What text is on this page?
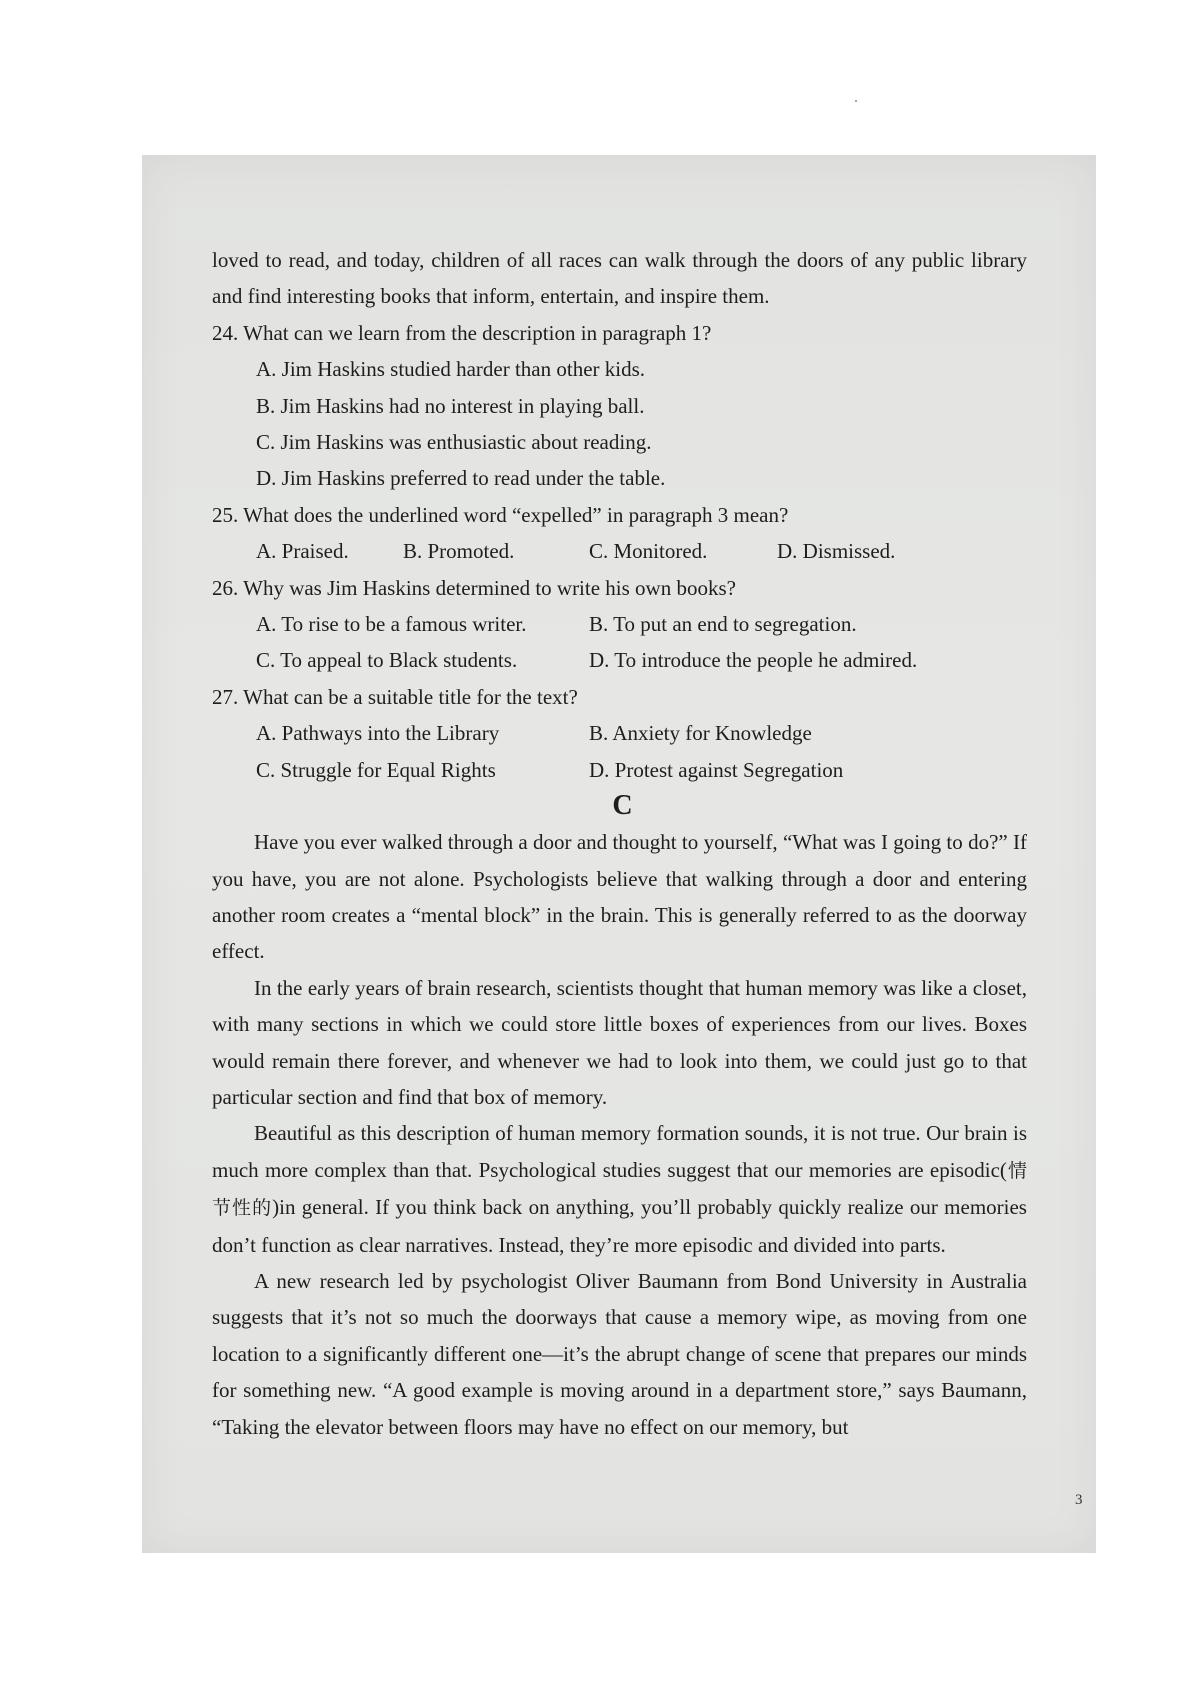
loved to read, and today, children of all races can walk through the doors of any public library and find interesting books that inform, entertain, and inspire them.

24. What can we learn from the description in paragraph 1?

A. Jim Haskins studied harder than other kids.
B. Jim Haskins had no interest in playing ball.
C. Jim Haskins was enthusiastic about reading.
D. Jim Haskins preferred to read under the table.

25. What does the underlined word “expelled” in paragraph 3 mean?

A. Praised.	B. Promoted.	C. Monitored.	D. Dismissed.

26. Why was Jim Haskins determined to write his own books?

A. To rise to be a famous writer.	B. To put an end to segregation.
C. To appeal to Black students.	D. To introduce the people he admired.

27. What can be a suitable title for the text?

A. Pathways into the Library	B. Anxiety for Knowledge
C. Struggle for Equal Rights	D. Protest against Segregation

C

Have you ever walked through a door and thought to yourself, “What was I going to do?” If you have, you are not alone. Psychologists believe that walking through a door and entering another room creates a “mental block” in the brain. This is generally referred to as the doorway effect.

In the early years of brain research, scientists thought that human memory was like a closet, with many sections in which we could store little boxes of experiences from our lives. Boxes would remain there forever, and whenever we had to look into them, we could just go to that particular section and find that box of memory.

Beautiful as this description of human memory formation sounds, it is not true. Our brain is much more complex than that. Psychological studies suggest that our memories are episodic(情节性的)in general. If you think back on anything, you’ll probably quickly realize our memories don’t function as clear narratives. Instead, they’re more episodic and divided into parts.

A new research led by psychologist Oliver Baumann from Bond University in Australia suggests that it’s not so much the doorways that cause a memory wipe, as moving from one location to a significantly different one—it’s the abrupt change of scene that prepares our minds for something new. “A good example is moving around in a department store,” says Baumann, “Taking the elevator between floors may have no effect on our memory, but

3
